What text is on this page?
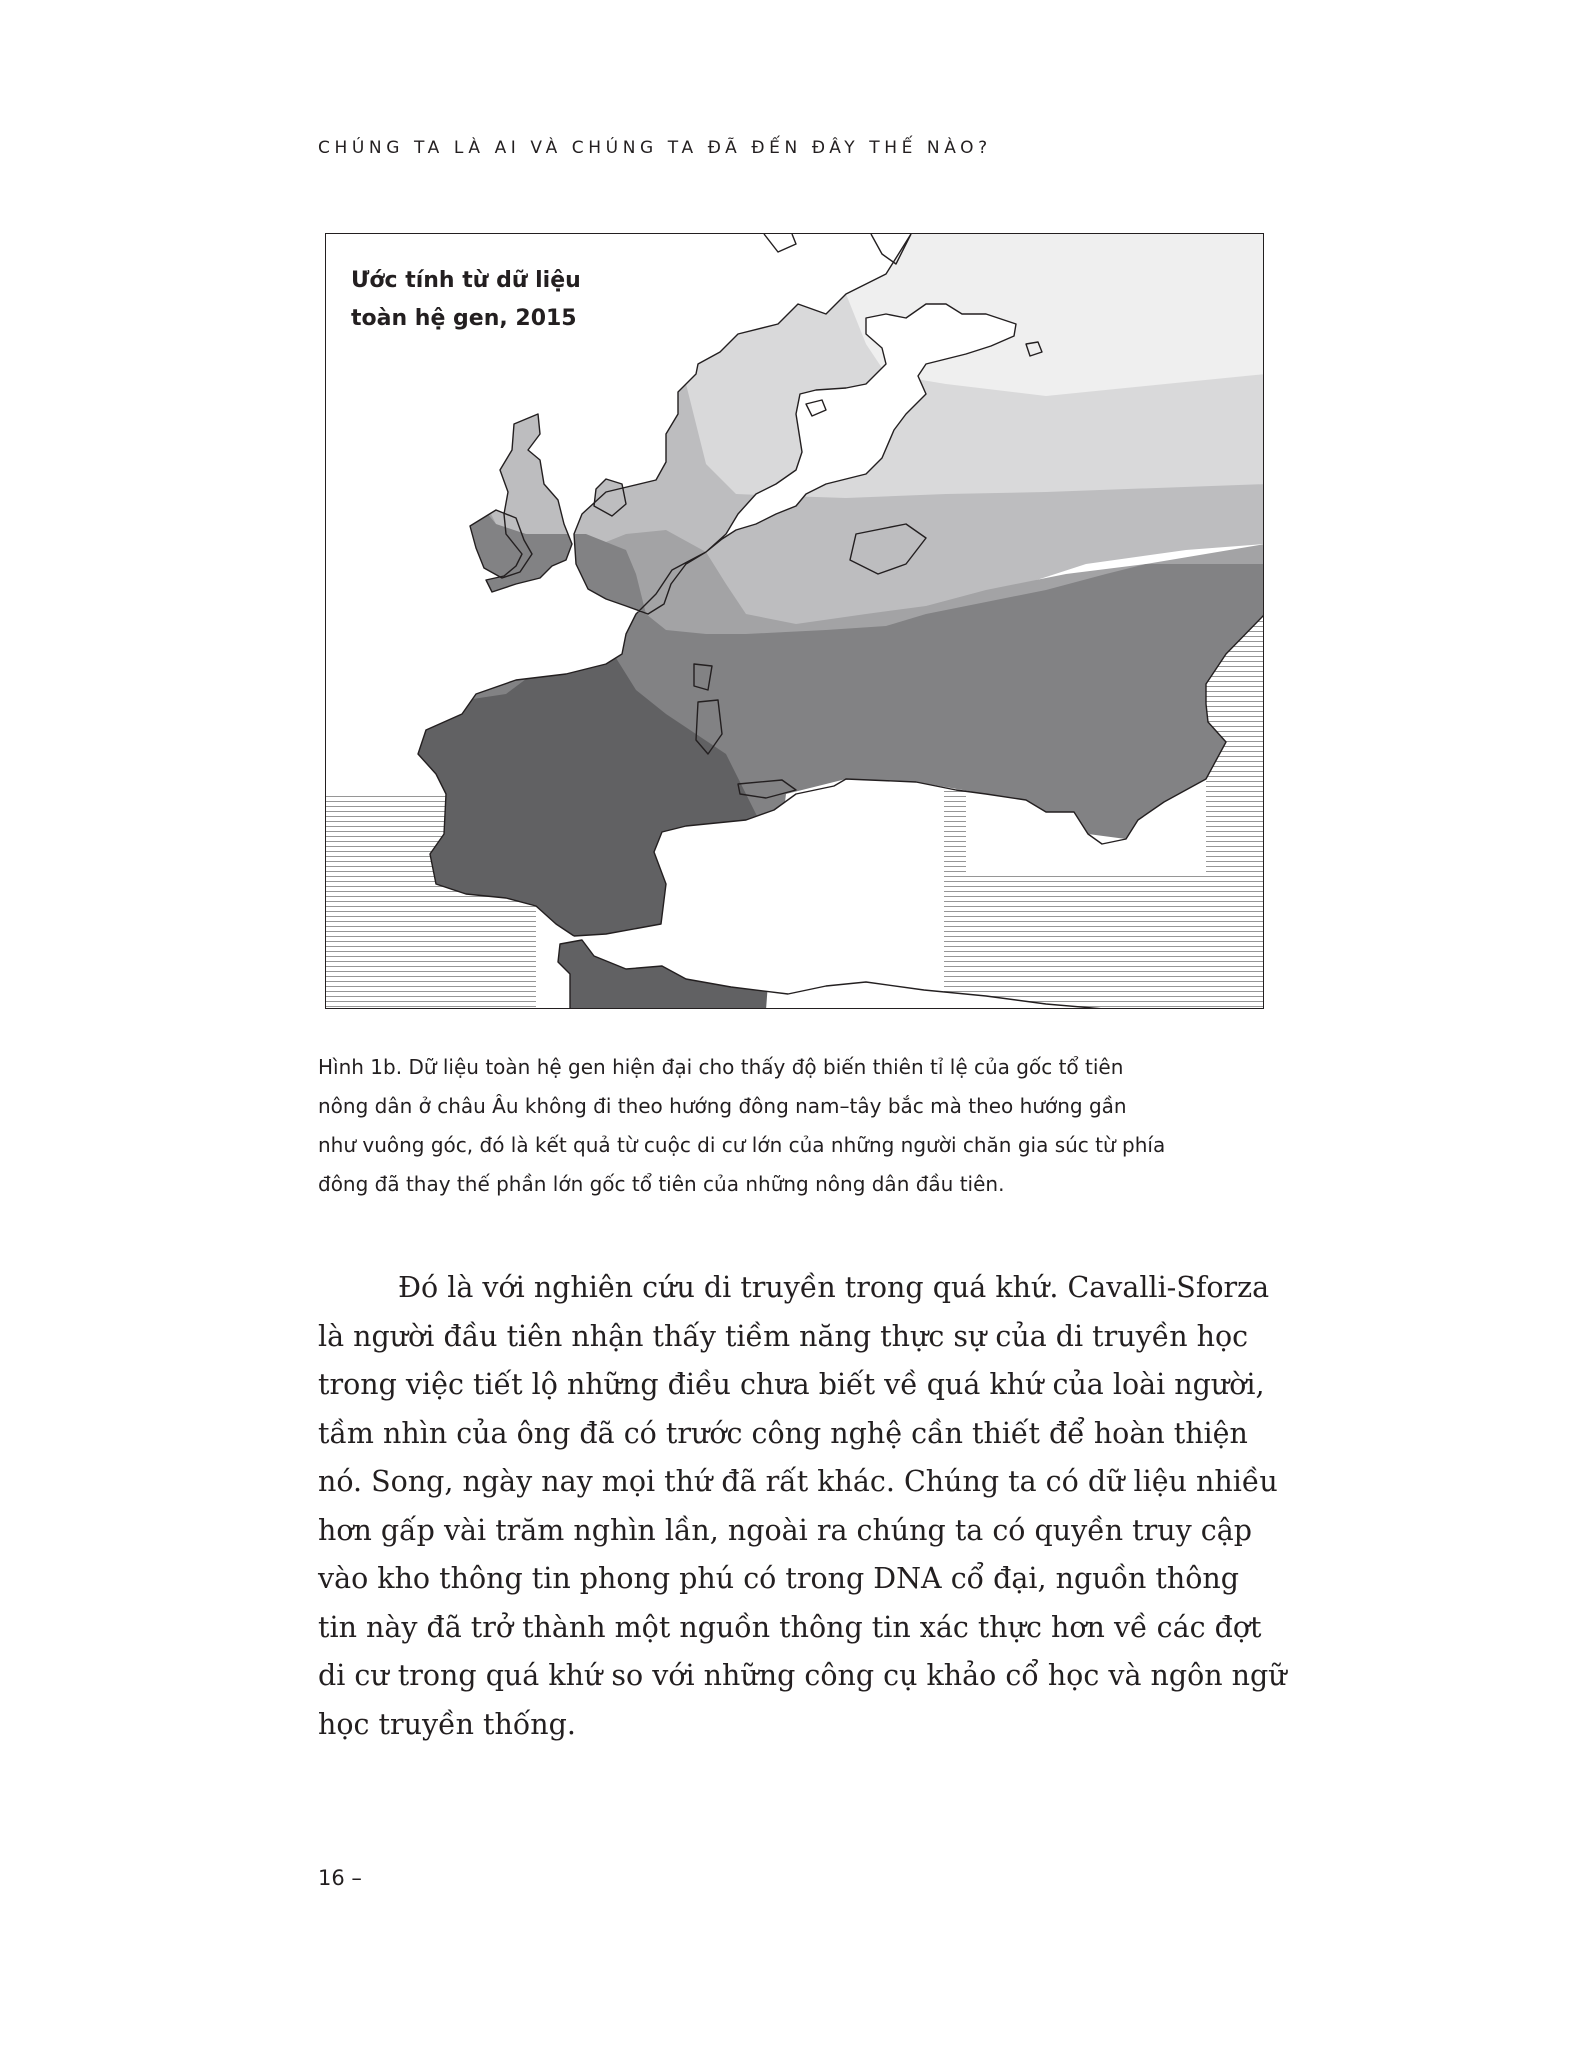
CHÚNG TA LÀ AI VÀ CHÚNG TA ĐÃ ĐẾN ĐÂY THẾ NÀO?
Ước tính từ dữ liệu
toàn hệ gen, 2015
Hình 1b. Dữ liệu toàn hệ gen hiện đại cho thấy độ biến thiên tỉ lệ của gốc tổ tiên
nông dân ở châu Âu không đi theo hướng đông nam–tây bắc mà theo hướng gần
như vuông góc, đó là kết quả từ cuộc di cư lớn của những người chăn gia súc từ phía
đông đã thay thế phần lớn gốc tổ tiên của những nông dân đầu tiên.
Đó là với nghiên cứu di truyền trong quá khứ. Cavalli-Sforza
là người đầu tiên nhận thấy tiềm năng thực sự của di truyền học
trong việc tiết lộ những điều chưa biết về quá khứ của loài người,
tầm nhìn của ông đã có trước công nghệ cần thiết để hoàn thiện
nó. Song, ngày nay mọi thứ đã rất khác. Chúng ta có dữ liệu nhiều
hơn gấp vài trăm nghìn lần, ngoài ra chúng ta có quyền truy cập
vào kho thông tin phong phú có trong DNA cổ đại, nguồn thông
tin này đã trở thành một nguồn thông tin xác thực hơn về các đợt
di cư trong quá khứ so với những công cụ khảo cổ học và ngôn ngữ
học truyền thống.
16 –
